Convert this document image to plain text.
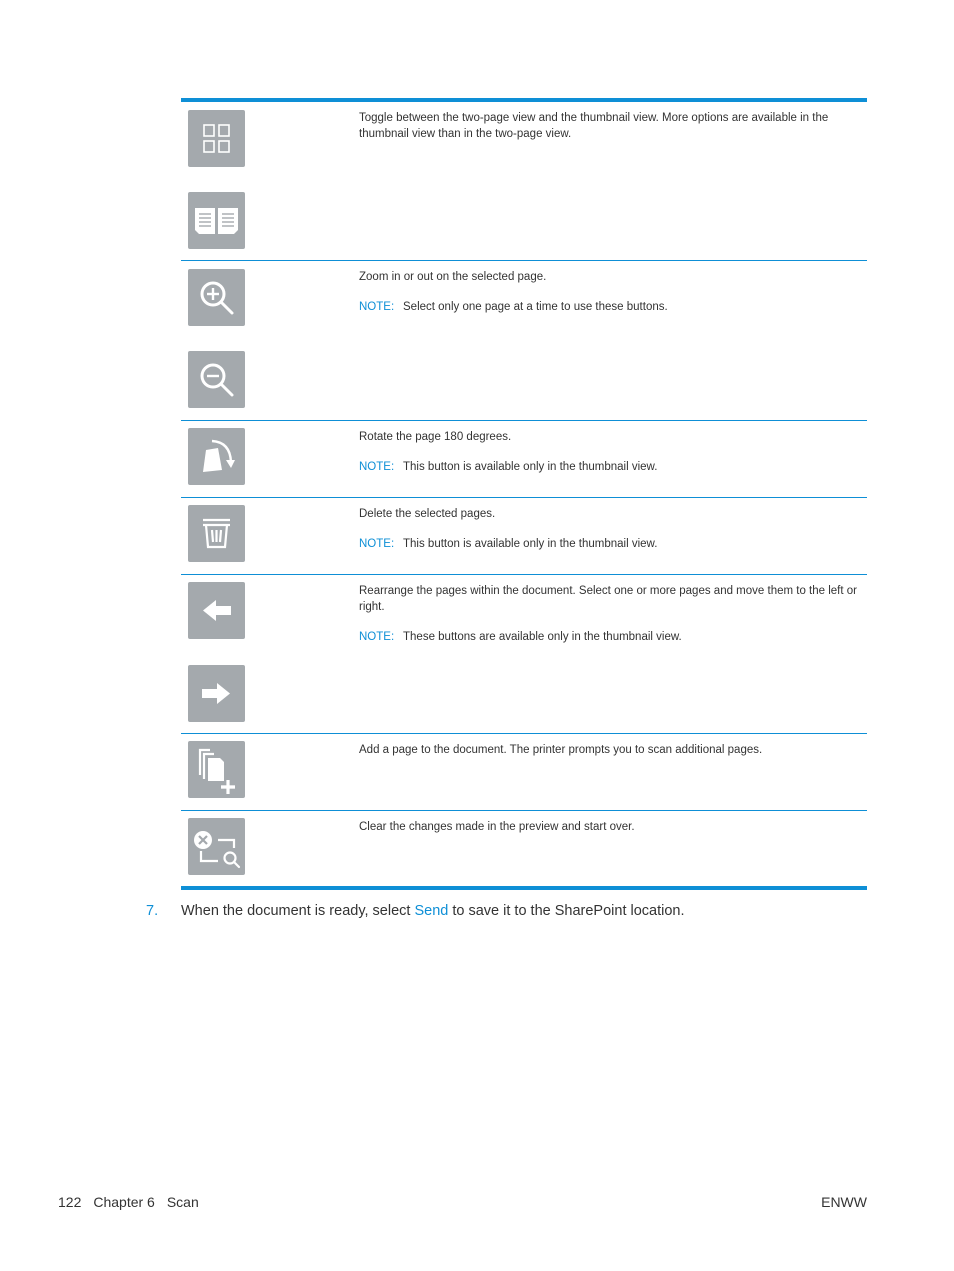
Toggle between the two-page view and the thumbnail view. More options are available in the thumbnail view than in the two-page view.
Zoom in or out on the selected page.
NOTE: Select only one page at a time to use these buttons.
Rotate the page 180 degrees.
NOTE: This button is available only in the thumbnail view.
Delete the selected pages.
NOTE: This button is available only in the thumbnail view.
Rearrange the pages within the document. Select one or more pages and move them to the left or right.
NOTE: These buttons are available only in the thumbnail view.
Add a page to the document. The printer prompts you to scan additional pages.
Clear the changes made in the preview and start over.
7. When the document is ready, select Send to save it to the SharePoint location.
122 Chapter 6 Scan	ENWW
